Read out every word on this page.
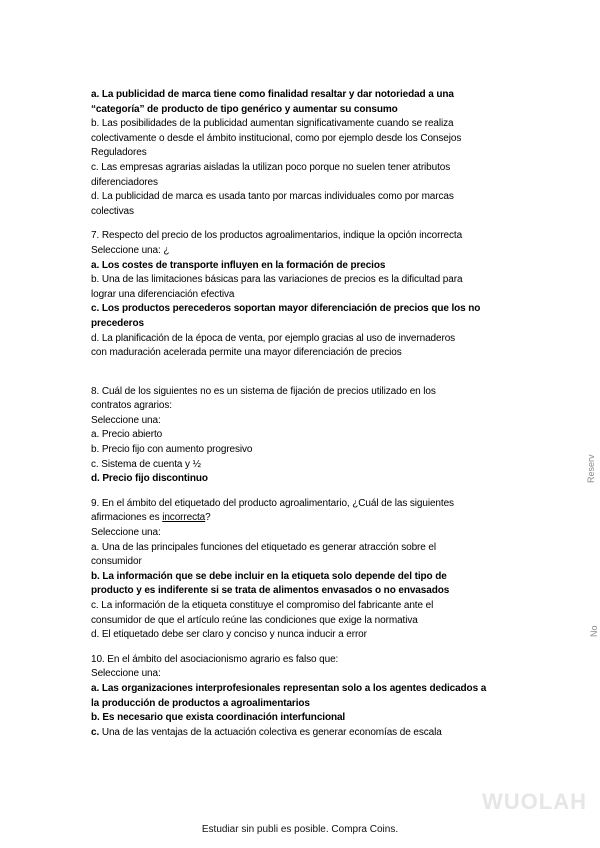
a. La publicidad de marca tiene como finalidad resaltar y dar notoriedad a una
“categoría” de producto de tipo genérico y aumentar su consumo
b. Las posibilidades de la publicidad aumentan significativamente cuando se realiza
colectivamente o desde el ámbito institucional, como por ejemplo desde los Consejos
Reguladores
c. Las empresas agrarias aisladas la utilizan poco porque no suelen tener atributos
diferenciadores
d. La publicidad de marca es usada tanto por marcas individuales como por marcas
colectivas
7. Respecto del precio de los productos agroalimentarios, indique la opción incorrecta
Seleccione una: ¿
a. Los costes de transporte influyen en la formación de precios
b. Una de las limitaciones básicas para las variaciones de precios es la dificultad para
lograr una diferenciación efectiva
c. Los productos perecederos soportan mayor diferenciación de precios que los no
precederos
d. La planificación de la época de venta, por ejemplo gracias al uso de invernaderos
con maduración acelerada permite una mayor diferenciación de precios
8. Cuál de los siguientes no es un sistema de fijación de precios utilizado en los
contratos agrarios:
Seleccione una:
a. Precio abierto
b. Precio fijo con aumento progresivo
c. Sistema de cuenta y ½
d. Precio fijo discontinuo
9. En el ámbito del etiquetado del producto agroalimentario, ¿Cuál de las siguientes
afirmaciones es incorrecta?
Seleccione una:
a. Una de las principales funciones del etiquetado es generar atracción sobre el
consumidor
b. La información que se debe incluir en la etiqueta solo depende del tipo de
producto y es indiferente si se trata de alimentos envasados o no envasados
c. La información de la etiqueta constituye el compromiso del fabricante ante el
consumidor de que el artículo reúne las condiciones que exige la normativa
d. El etiquetado debe ser claro y conciso y nunca inducir a error
10. En el ámbito del asociacionismo agrario es falso que:
Seleccione una:
a. Las organizaciones interprofesionales representan solo a los agentes dedicados a
la producción de productos a agroalimentarios
b. Es necesario que exista coordinación interfuncional
c. Una de las ventajas de la actuación colectiva es generar economías de escala
Reserv
No
WUOLAH
Estudiar sin publi es posible. Compra Coins.
